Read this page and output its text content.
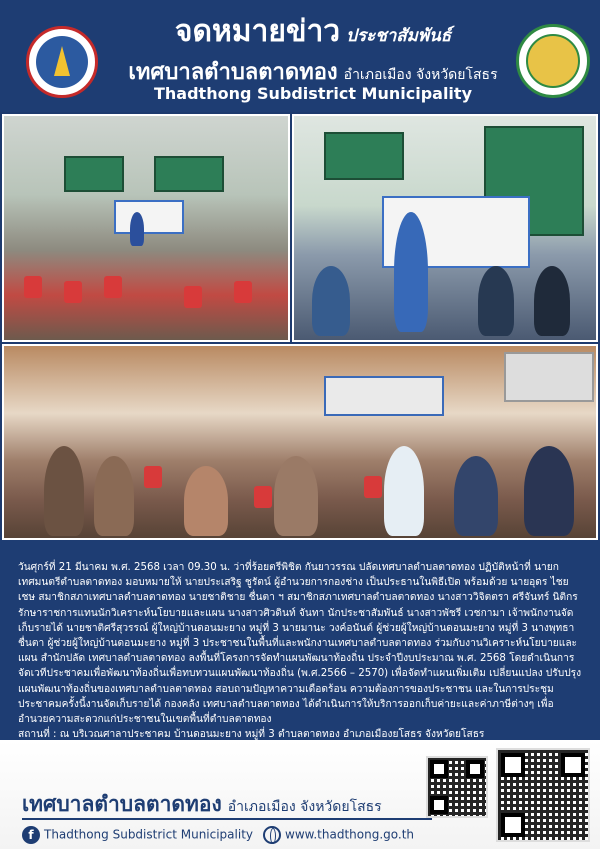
จดหมายข่าว ประชาสัมพันธ์
เทศบาลตำบลตาดทอง อำเภอเมือง จังหวัดยโสธร
Thadthong Subdistrict Municipality

วันศุกร์ที่ 21 มีนาคม พ.ศ. 2568 เวลา 09.30 น. ว่าที่ร้อยตรีพิชิต กันยาวรรณ ปลัดเทศบาลตำบลตาดทอง ปฏิบัติหน้าที่ นายกเทศมนตรีตำบลตาดทอง มอบหมายให้ นายประเสริฐ ชูรัตน์ ผู้อำนวยการกองช่าง เป็นประธานในพิธีเปิด พร้อมด้วย นายอุดร ไชยเชษ สมาชิกสภาเทศบาลตำบลตาดทอง นายชาติชาย ชื่นตา ฯ สมาชิกสภาเทศบาลตำบลตาดทอง นางสาววิจิตตรา ศรีจันทร์ นิติกร รักษาราชการแทนนักวิเคราะห์นโยบายและแผน นางสาวศิวดินท์ จันทา นักประชาสัมพันธ์ นางสาวพัชรี เวชกามา เจ้าพนักงานจัดเก็บรายได้ นายชาติศรีสุวรรณ์ ผู้ใหญ่บ้านดอนมะยาง หมู่ที่ 3 นายมานะ วงค์อนันต์ ผู้ช่วยผู้ใหญ่บ้านดอนมะยาง หมู่ที่ 3 นางพุทธา ชื่นตา ผู้ช่วยผู้ใหญ่บ้านดอนมะยาง หมู่ที่ 3 ประชาชนในพื้นที่และพนักงานเทศบาลตำบลตาดทอง ร่วมกับงานวิเคราะห์นโยบายและแผน สำนักปลัด เทศบาลตำบลตาดทอง ลงพื้นที่โครงการจัดทำแผนพัฒนาท้องถิ่น ประจำปีงบประมาณ พ.ศ. 2568 โดยดำเนินการจัดเวทีประชาคมเพื่อพัฒนาท้องถิ่นเพื่อทบทวนแผนพัฒนาท้องถิ่น (พ.ศ.2566 – 2570) เพื่อจัดทำแผนเพิ่มเติม เปลี่ยนแปลง ปรับปรุงแผนพัฒนาท้องถิ่นของเทศบาลตำบลตาดทอง สอบถามปัญหาความเดือดร้อน ความต้องการของประชาชน และในการประชุมประชาคมครั้งนี้งานจัดเก็บรายได้ กองคลัง เทศบาลตำบลตาดทอง ได้ดำเนินการให้บริการออกเก็บค่ายะและค่าภาษีต่างๆ เพื่ออำนวยความสะดวกแก่ประชาชนในเขตพื้นที่ตำบลตาดทอง

สถานที่ : ณ บริเวณศาลาประชาคม บ้านดอนมะยาง หมู่ที่ 3 ตำบลตาดทอง อำเภอเมืองยโสธร จังหวัดยโสธร

เทศบาลตำบลตาดทอง อำเภอเมือง จังหวัดยโสธร
f Thadthong Subdistrict Municipality	www.thadthong.go.th
